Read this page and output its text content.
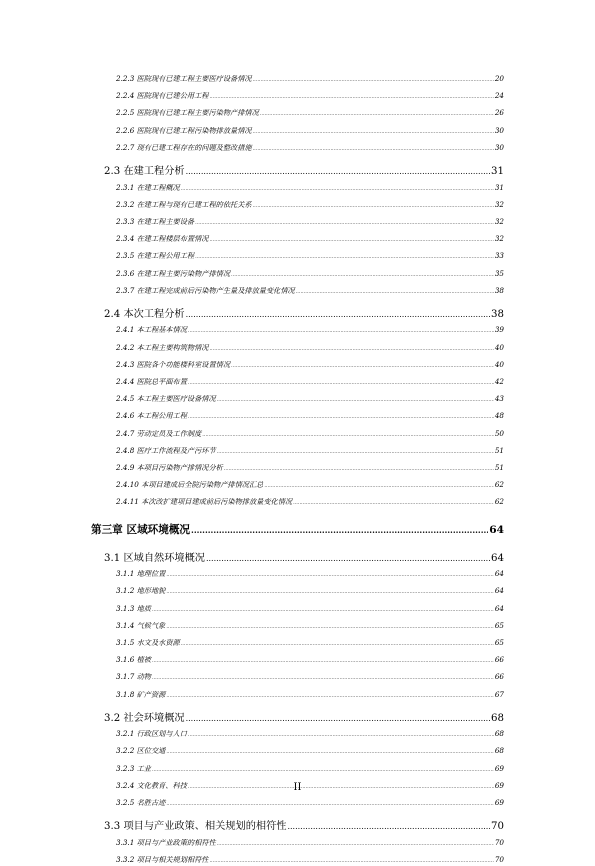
2.2.3 医院现有已建工程主要医疗设备情况 .....	20
2.2.4 医院现有已建公用工程 .....	24
2.2.5 医院现有已建工程主要污染物产排情况 .....	26
2.2.6 医院现有已建工程污染物排放量情况 .....	30
2.2.7 现有已建工程存在的问题及整改措施 .....	30
2.3 在建工程分析 .....	31
2.3.1 在建工程概况 .....	31
2.3.2 在建工程与现有已建工程的依托关系 .....	32
2.3.3 在建工程主要设备 .....	32
2.3.4 在建工程楼层布置情况 .....	32
2.3.5 在建工程公用工程 .....	33
2.3.6 在建工程主要污染物产排情况 .....	35
2.3.7 在建工程完成前后污染物产生量及排放量变化情况 .....	38
2.4 本次工程分析 .....	38
2.4.1 本工程基本情况 .....	39
2.4.2 本工程主要构筑物情况 .....	40
2.4.3 医院各个功能楼科室设置情况 .....	40
2.4.4 医院总平面布置 .....	42
2.4.5 本工程主要医疗设备情况 .....	43
2.4.6 本工程公用工程 .....	48
2.4.7 劳动定员及工作制度 .....	50
2.4.8 医疗工作流程及产污环节 .....	51
2.4.9 本项目污染物产排情况分析 .....	51
2.4.10 本项目建成后全院污染物产排情况汇总 .....	62
2.4.11 本次改扩建项目建成前后污染物排放量变化情况 .....	62
第三章 区域环境概况 .....	64
3.1 区域自然环境概况 .....	64
3.1.1 地理位置 .....	64
3.1.2 地形地貌 .....	64
3.1.3 地质 .....	64
3.1.4 气候气象 .....	65
3.1.5 水文及水资源 .....	65
3.1.6 植被 .....	66
3.1.7 动物 .....	66
3.1.8 矿产资源 .....	67
3.2 社会环境概况 .....	68
3.2.1 行政区划与人口 .....	68
3.2.2 区位交通 .....	68
3.2.3 工业 .....	69
3.2.4 文化教育、科技 .....	69
3.2.5 名胜古迹 .....	69
3.3 项目与产业政策、相关规划的相符性 .....	70
3.3.1 项目与产业政策的相符性 .....	70
3.3.2 项目与相关规划相符性 .....	70
II
